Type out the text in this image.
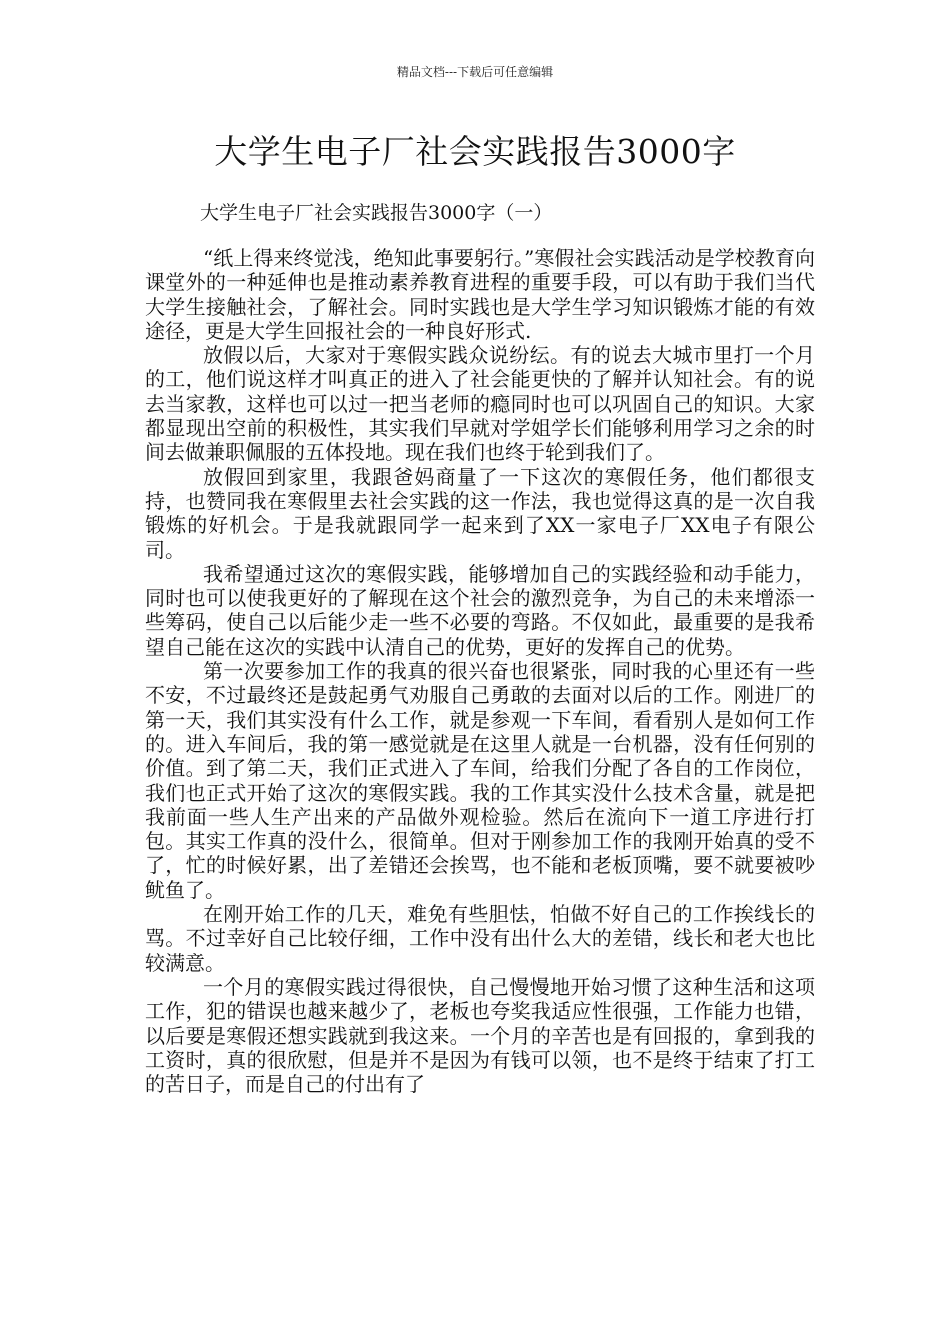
精品文档---下载后可任意编辑
大学生电子厂社会实践报告3000字
大学生电子厂社会实践报告3000字（一）

“纸上得来终觉浅，绝知此事要躬行。”寒假社会实践活动是学校教育向课堂外的一种延伸也是推动素养教育进程的重要手段，可以有助于我们当代大学生接触社会，了解社会。同时实践也是大学生学习知识锻炼才能的有效途径，更是大学生回报社会的一种良好形式.

放假以后，大家对于寒假实践众说纷纭。有的说去大城市里打一个月的工，他们说这样才叫真正的进入了社会能更快的了解并认知社会。有的说去当家教，这样也可以过一把当老师的瘾同时也可以巩固自己的知识。大家都显现出空前的积极性，其实我们早就对学姐学长们能够利用学习之余的时间去做兼职佩服的五体投地。现在我们也终于轮到我们了。

放假回到家里，我跟爸妈商量了一下这次的寒假任务，他们都很支持，也赞同我在寒假里去社会实践的这一作法，我也觉得这真的是一次自我锻炼的好机会。于是我就跟同学一起来到了XX一家电子厂XX电子有限公司。

我希望通过这次的寒假实践，能够增加自己的实践经验和动手能力，同时也可以使我更好的了解现在这个社会的激烈竞争，为自己的未来增添一些筹码，使自己以后能少走一些不必要的弯路。不仅如此，最重要的是我希望自己能在这次的实践中认清自己的优势，更好的发挥自己的优势。

第一次要参加工作的我真的很兴奋也很紧张，同时我的心里还有一些不安，不过最终还是鼓起勇气劝服自己勇敢的去面对以后的工作。刚进厂的第一天，我们其实没有什么工作，就是参观一下车间，看看别人是如何工作的。进入车间后，我的第一感觉就是在这里人就是一台机器，没有任何别的价值。到了第二天，我们正式进入了车间，给我们分配了各自的工作岗位，我们也正式开始了这次的寒假实践。我的工作其实没什么技术含量，就是把我前面一些人生产出来的产品做外观检验。然后在流向下一道工序进行打包。其实工作真的没什么，很简单。但对于刚参加工作的我刚开始真的受不了，忙的时候好累，出了差错还会挨骂，也不能和老板顶嘴，要不就要被吵鱿鱼了。

在刚开始工作的几天，难免有些胆怯，怕做不好自己的工作挨线长的骂。不过幸好自己比较仔细，工作中没有出什么大的差错，线长和老大也比较满意。

一个月的寒假实践过得很快，自己慢慢地开始习惯了这种生活和这项工作，犯的错误也越来越少了，老板也夸奖我适应性很强，工作能力也错，以后要是寒假还想实践就到我这来。一个月的辛苦也是有回报的，拿到我的工资时，真的很欣慰，但是并不是因为有钱可以领，也不是终于结束了打工的苦日子，而是自己的付出有了
